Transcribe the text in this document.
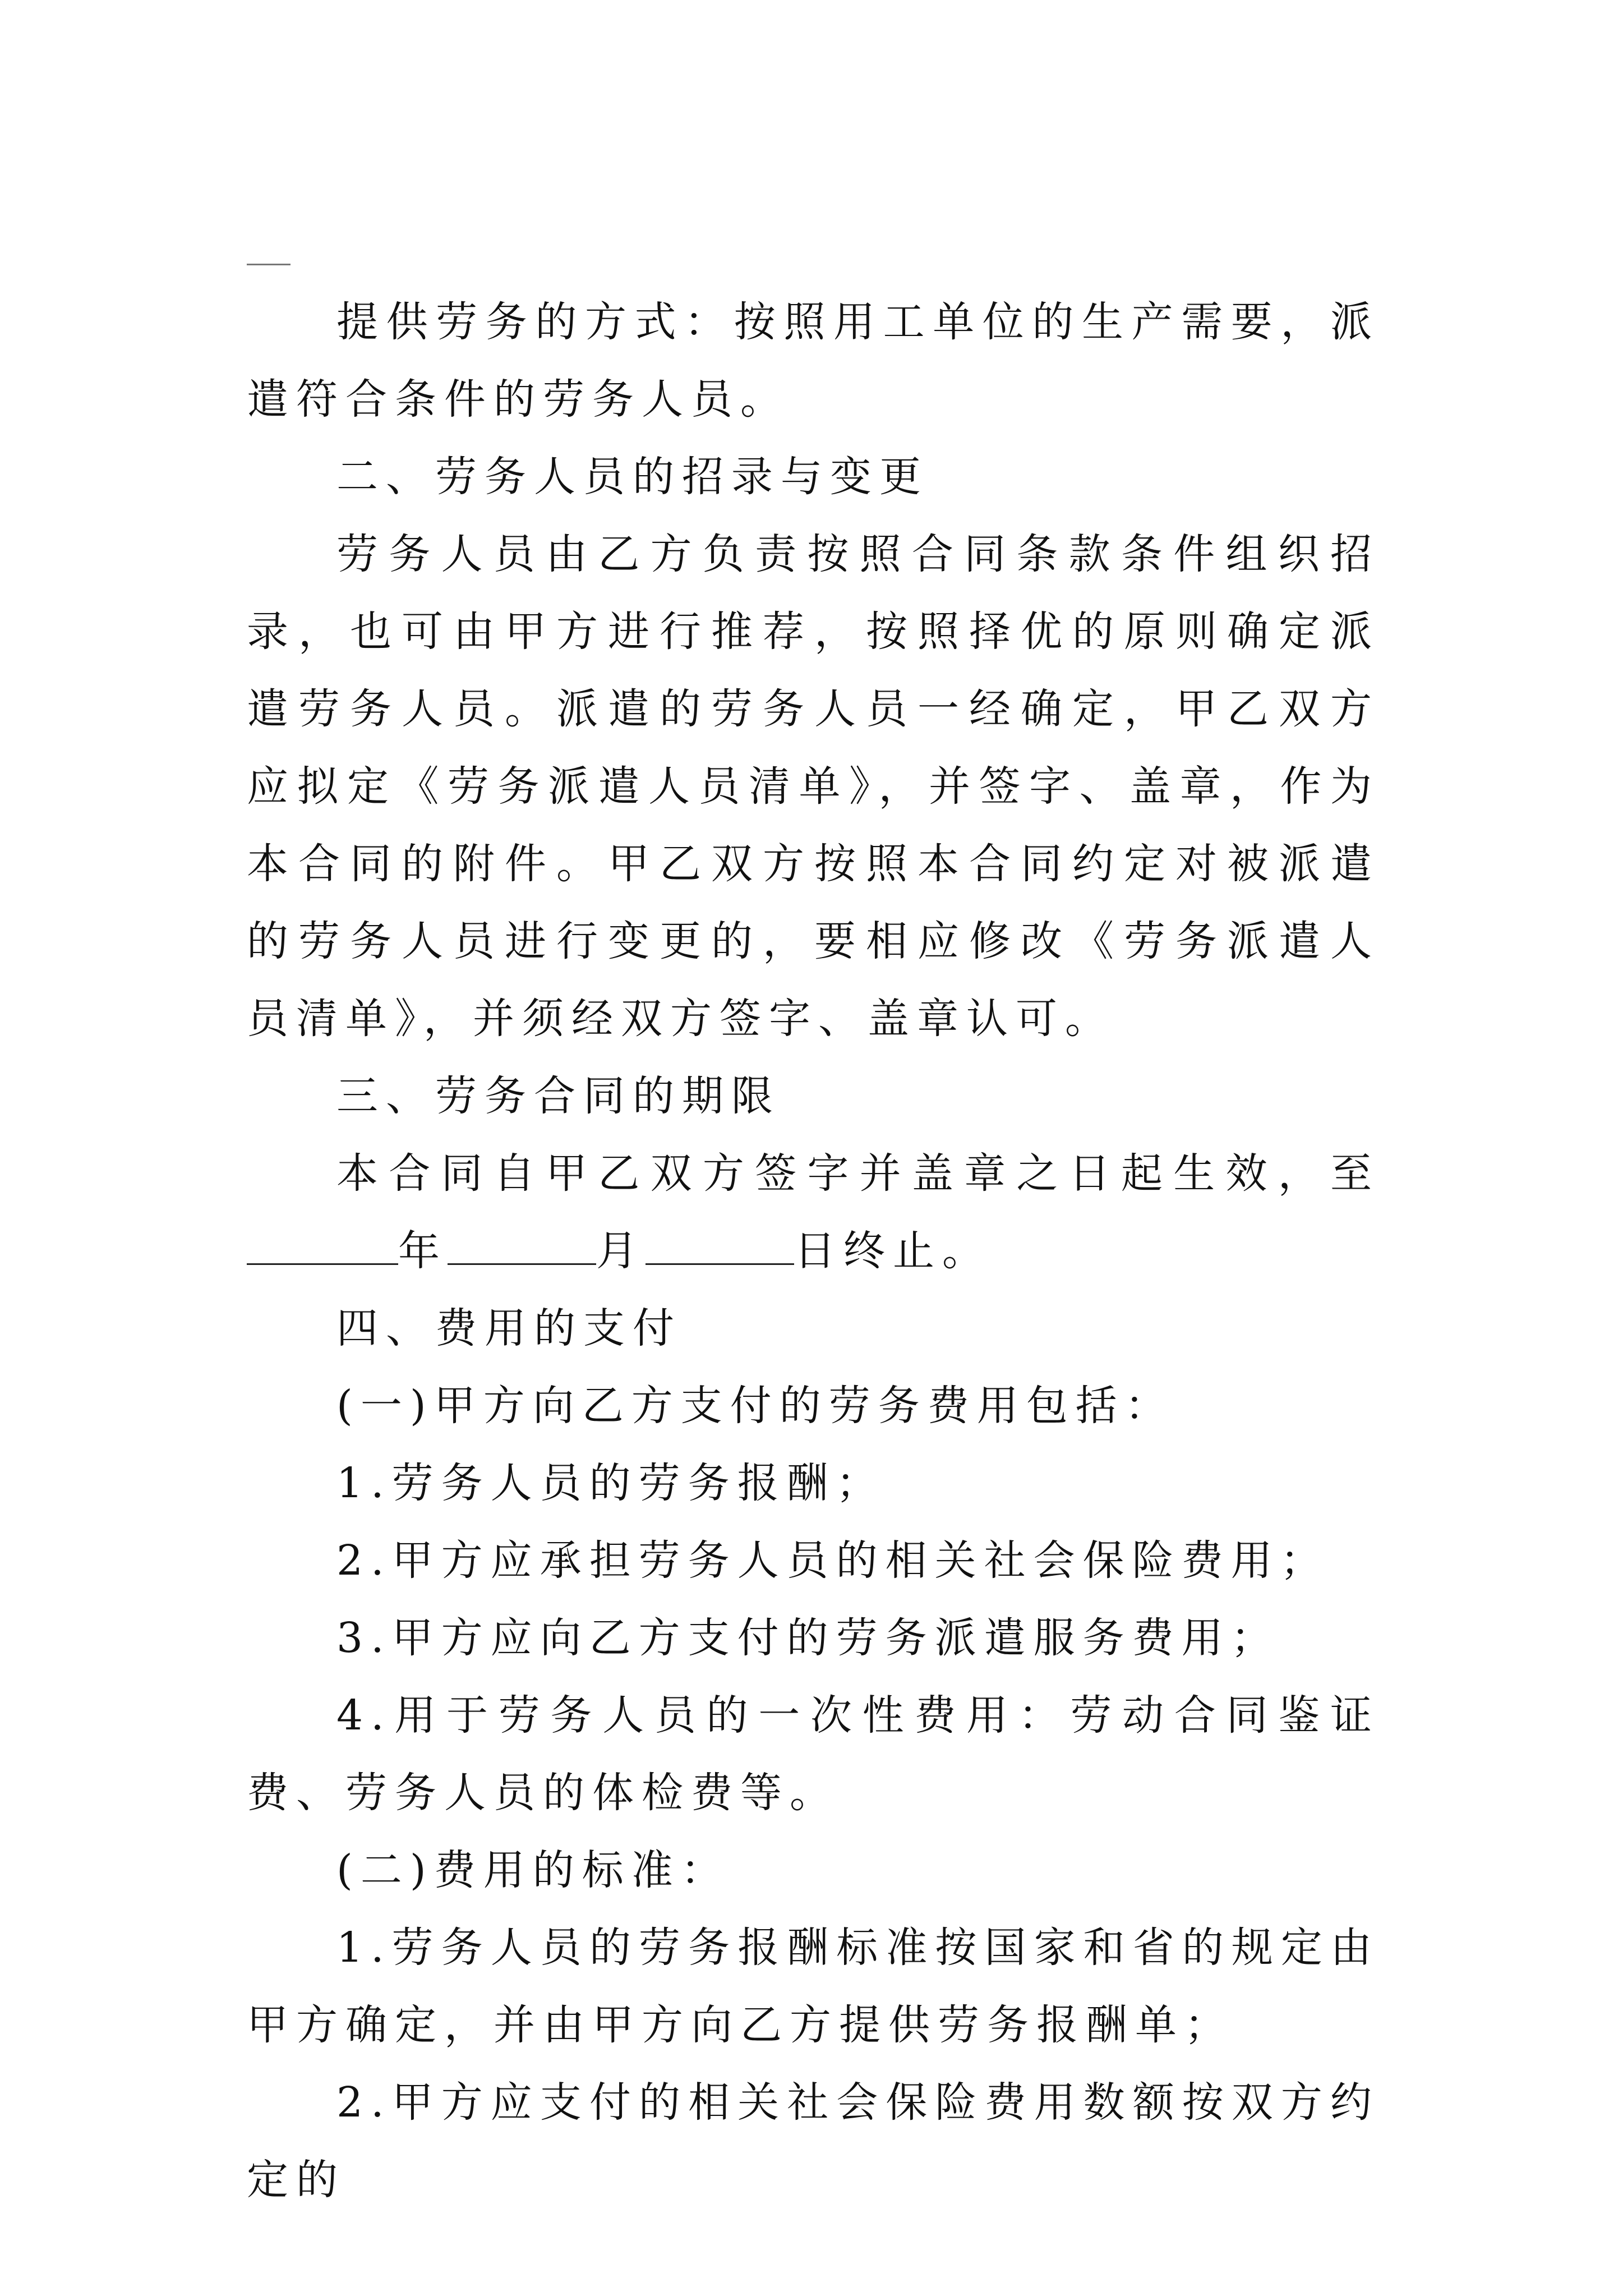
提供劳务的方式：按照用工单位的生产需要，派遣符合条件的劳务人员。

二、劳务人员的招录与变更

劳务人员由乙方负责按照合同条款条件组织招录，也可由甲方进行推荐，按照择优的原则确定派遣劳务人员。派遣的劳务人员一经确定，甲乙双方应拟定《劳务派遣人员清单》，并签字、盖章，作为本合同的附件。甲乙双方按照本合同约定对被派遣的劳务人员进行变更的，要相应修改《劳务派遣人员清单》，并须经双方签字、盖章认可。

三、劳务合同的期限

本合同自甲乙双方签字并盖章之日起生效，至年	月	日终止。

四、费用的支付

(一)甲方向乙方支付的劳务费用包括：

1.劳务人员的劳务报酬；

2.甲方应承担劳务人员的相关社会保险费用；

3.甲方应向乙方支付的劳务派遣服务费用；

4.用于劳务人员的一次性费用：劳动合同鉴证费、劳务人员的体检费等。

(二)费用的标准：

1.劳务人员的劳务报酬标准按国家和省的规定由甲方确定，并由甲方向乙方提供劳务报酬单；

2.甲方应支付的相关社会保险费用数额按双方约定的
